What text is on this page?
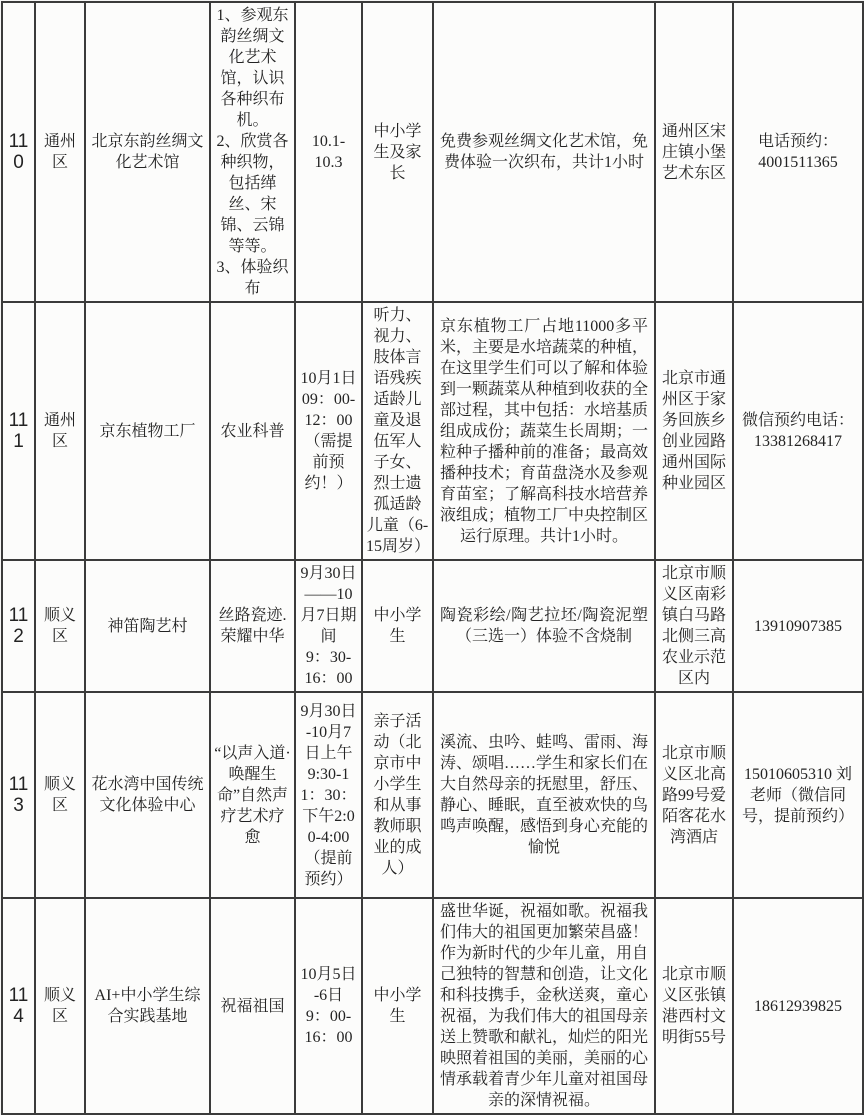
110	通州区	北京东韵丝绸文化艺术馆	1、参观东韵丝绸文化艺术馆，认识各种织布机。
2、欣赏各种织物，包括缂丝、宋锦、云锦等等。
3、体验织布	10.1-
10.3	中小学生及家长	免费参观丝绸文化艺术馆，免费体验一次织布，共计1小时	通州区宋庄镇小堡艺术东区	电话预约：
4001511365
111	通州区	京东植物工厂	农业科普	10月1日
09：00-12：00
（需提前预约！）	听力、视力、肢体言语残疾适龄儿童及退伍军人子女、烈士遗孤适龄儿童（6-15周岁）	京东植物工厂占地11000多平米，主要是水培蔬菜的种植，在这里学生们可以了解和体验到一颗蔬菜从种植到收获的全部过程，其中包括：水培基质组成成份；蔬菜生长周期；一粒种子播种前的准备；最高效播种技术；育苗盘浇水及参观育苗室；了解高科技水培营养液组成；植物工厂中央控制区运行原理。共计1小时。	北京市通州区于家务回族乡创业园路通州国际种业园区	微信预约电话：
13381268417
112	顺义区	神笛陶艺村	丝路瓷迹.
荣耀中华	9月30日
——10月7日期间
9：30-
16：00	中小学生	陶瓷彩绘/陶艺拉坯/陶瓷泥塑（三选一）体验不含烧制	北京市顺义区南彩镇白马路北侧三高农业示范区内	13910907385
113	顺义区	花水湾中国传统文化体验中心	“以声入道·唤醒生命”自然声疗艺术疗愈	9月30日
-10月7日上午
9:30-11：30：下午2:00-4:00
（提前预约）	亲子活动（北京市中小学生和从事教师职业的成人）	溪流、虫吟、蛙鸣、雷雨、海涛、颂唱……学生和家长们在大自然母亲的抚慰里，舒压、静心、睡眠，直至被欢快的鸟鸣声唤醒，感悟到身心充能的愉悦	北京市顺义区北高路99号爱陌客花水湾酒店	15010605310 刘老师（微信同号，提前预约）
114	顺义区	AI+中小学生综合实践基地	祝福祖国	10月5日
-6日
9：00-
16：00	中小学生	盛世华诞，祝福如歌。祝福我们伟大的祖国更加繁荣昌盛！作为新时代的少年儿童，用自己独特的智慧和创造，让文化和科技携手，金秋送爽，童心祝福，为我们伟大的祖国母亲送上赞歌和献礼，灿烂的阳光映照着祖国的美丽，美丽的心情承载着青少年儿童对祖国母亲的深情祝福。	北京市顺义区张镇港西村文明街55号	18612939825
